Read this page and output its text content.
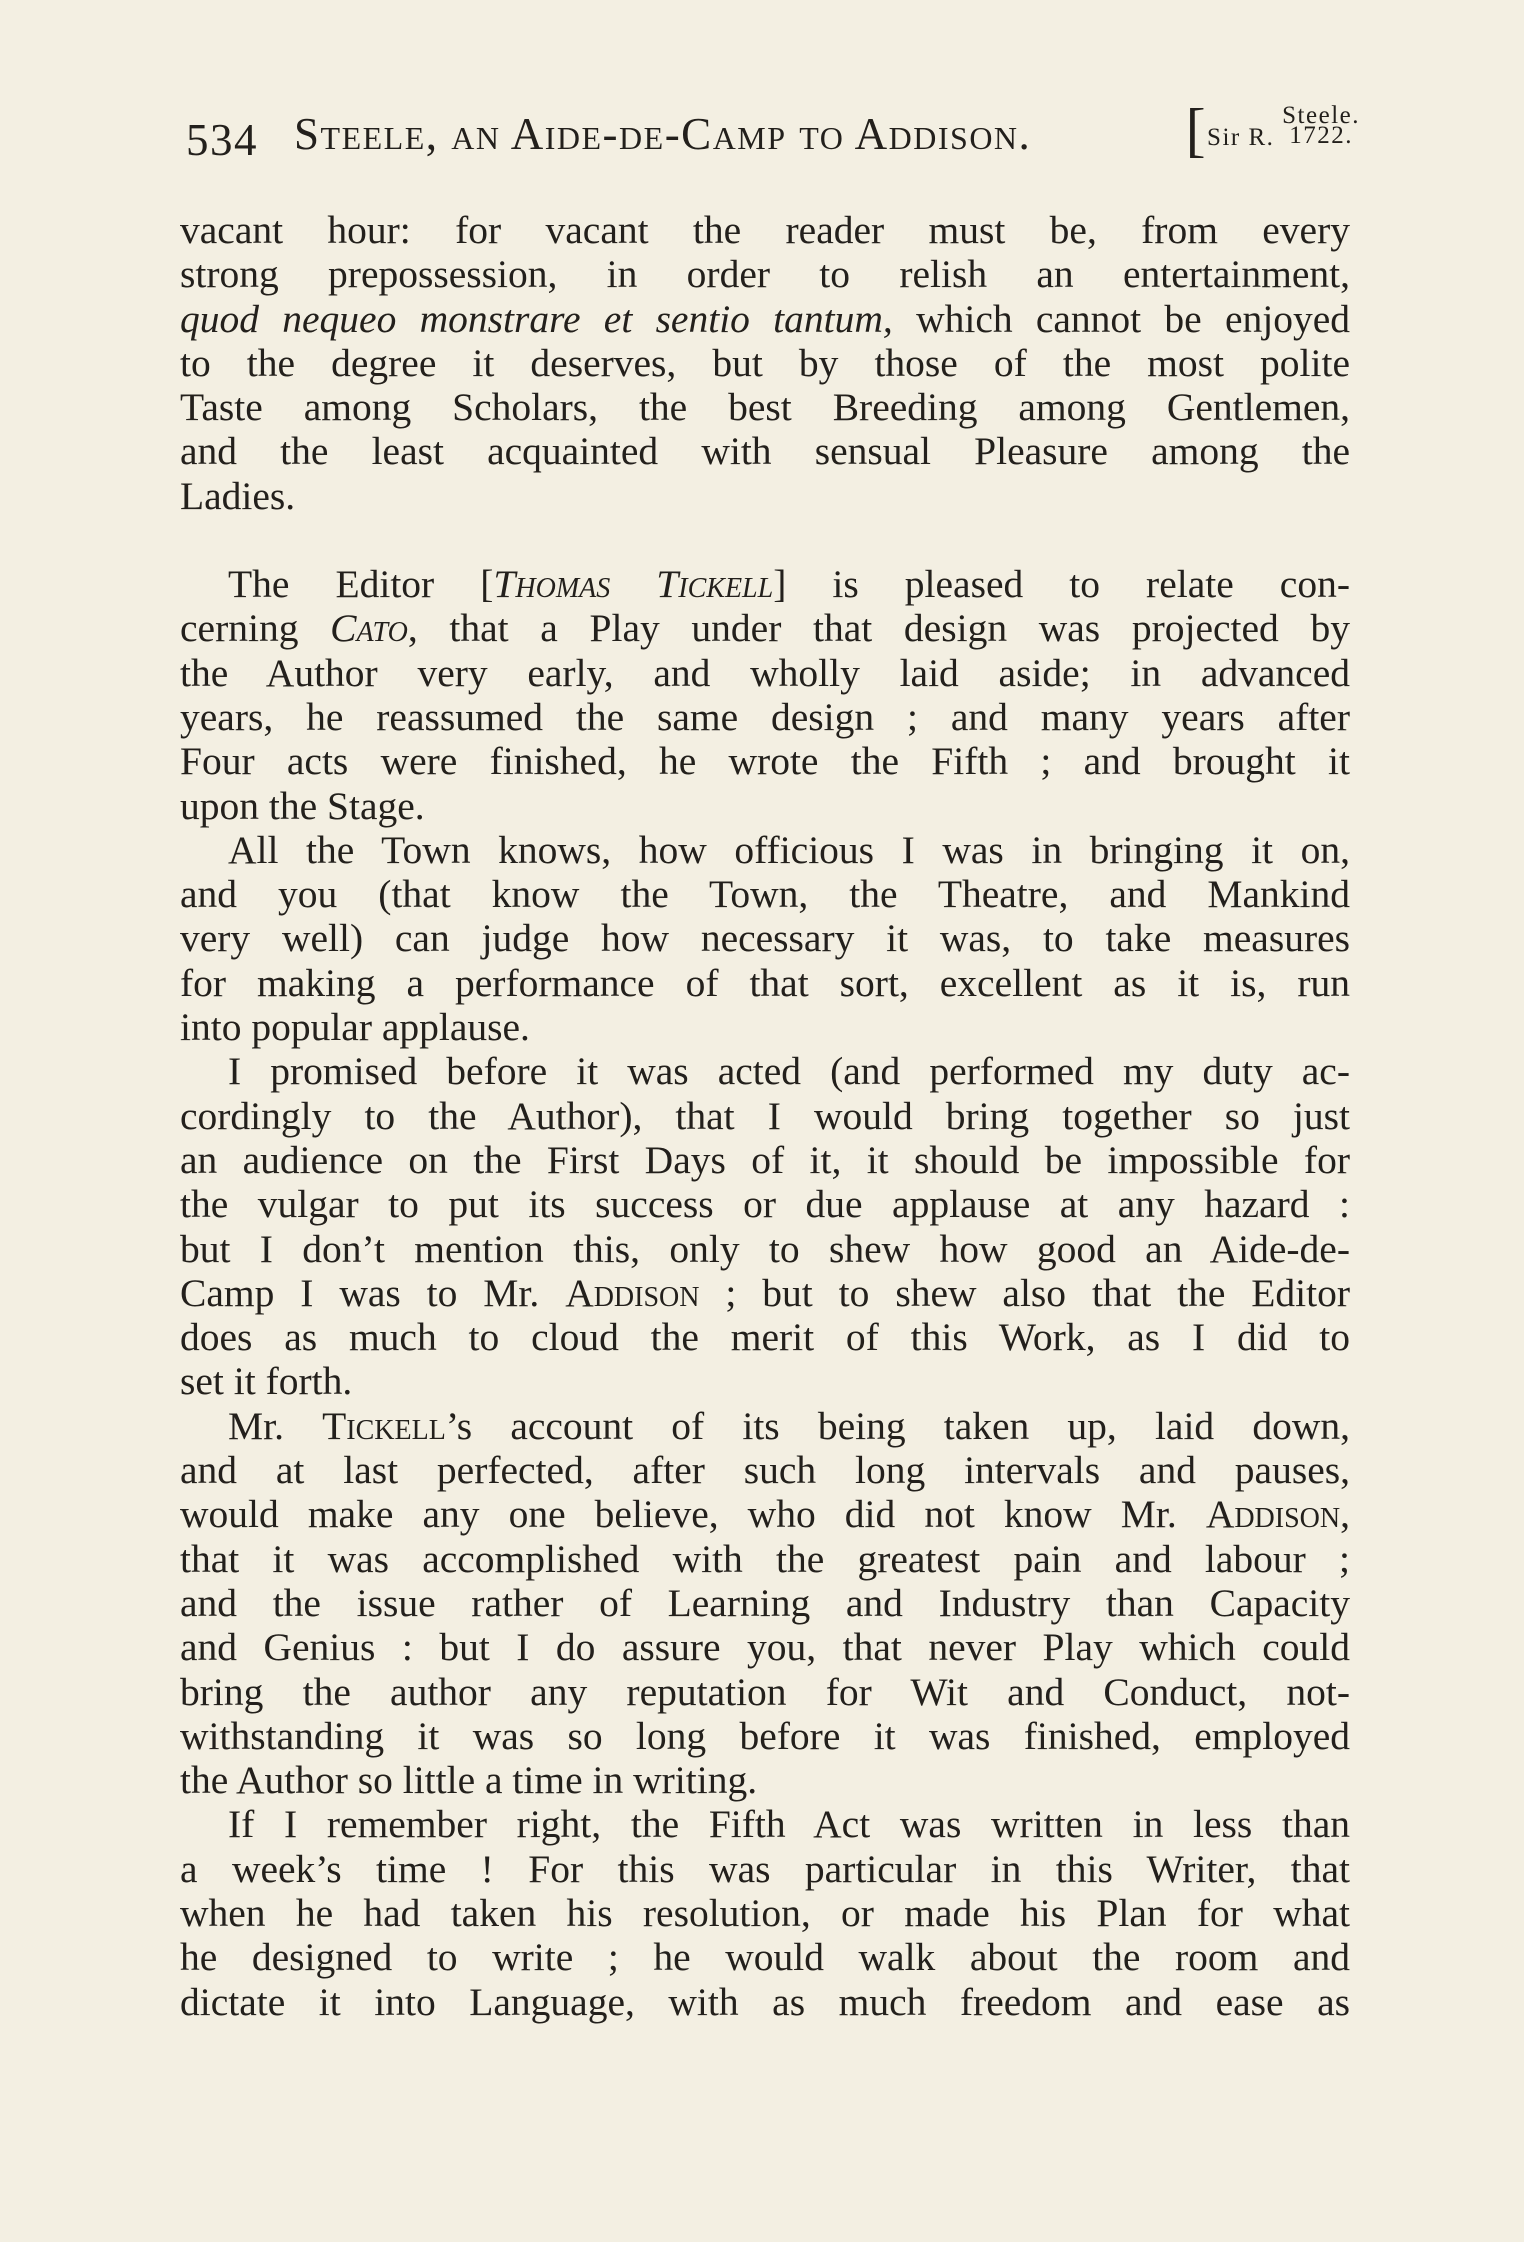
534 Steele, an Aide-de-Camp to Addison.	[Sir R. Steele.
1722.
vacant hour: for vacant the reader must be, from every
strong prepossession, in order to relish an entertainment,
quod nequeo monstrare et sentio tantum, which cannot be enjoyed
to the degree it deserves, but by those of the most polite
Taste among Scholars, the best Breeding among Gentlemen,
and the least acquainted with sensual Pleasure among the
Ladies.
The Editor [Thomas Tickell] is pleased to relate con-
cerning Cato, that a Play under that design was projected by
the Author very early, and wholly laid aside; in advanced
years, he reassumed the same design ; and many years after
Four acts were finished, he wrote the Fifth ; and brought it
upon the Stage.
All the Town knows, how officious I was in bringing it on,
and you (that know the Town, the Theatre, and Mankind
very well) can judge how necessary it was, to take measures
for making a performance of that sort, excellent as it is, run
into popular applause.
I promised before it was acted (and performed my duty ac-
cordingly to the Author), that I would bring together so just
an audience on the First Days of it, it should be impossible for
the vulgar to put its success or due applause at any hazard :
but I don’t mention this, only to shew how good an Aide-de-
Camp I was to Mr. Addison ; but to shew also that the Editor
does as much to cloud the merit of this Work, as I did to
set it forth.
Mr. Tickell’s account of its being taken up, laid down,
and at last perfected, after such long intervals and pauses,
would make any one believe, who did not know Mr. Addison,
that it was accomplished with the greatest pain and labour ;
and the issue rather of Learning and Industry than Capacity
and Genius : but I do assure you, that never Play which could
bring the author any reputation for Wit and Conduct, not-
withstanding it was so long before it was finished, employed
the Author so little a time in writing.
If I remember right, the Fifth Act was written in less than
a week’s time ! For this was particular in this Writer, that
when he had taken his resolution, or made his Plan for what
he designed to write ; he would walk about the room and
dictate it into Language, with as much freedom and ease as
